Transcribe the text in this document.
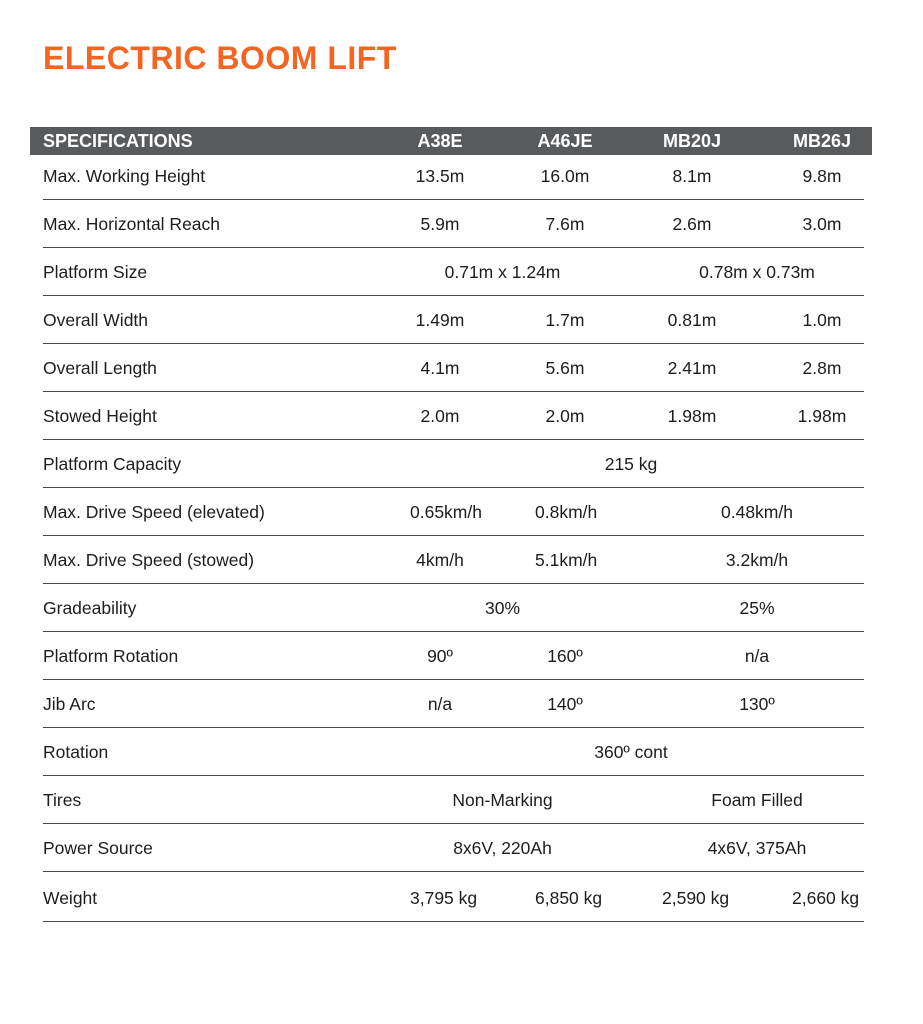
ELECTRIC BOOM LIFT
SPECIFICATIONS	A38E	A46JE	MB20J	MB26J
Max. Working Height	13.5m	16.0m	8.1m	9.8m
Max. Horizontal Reach	5.9m	7.6m	2.6m	3.0m
Platform Size	0.71m x 1.24m	0.78m x 0.73m
Overall Width	1.49m	1.7m	0.81m	1.0m
Overall Length	4.1m	5.6m	2.41m	2.8m
Stowed Height	2.0m	2.0m	1.98m	1.98m
Platform Capacity	215 kg
Max. Drive Speed (elevated)	0.65km/h	0.8km/h	0.48km/h
Max. Drive Speed (stowed)	4km/h	5.1km/h	3.2km/h
Gradeability	30%	25%
Platform Rotation	90º	160º	n/a
Jib Arc	n/a	140º	130º
Rotation	360º cont
Tires	Non-Marking	Foam Filled
Power Source	8x6V, 220Ah	4x6V, 375Ah
Weight	3,795 kg	6,850 kg	2,590 kg	2,660 kg
